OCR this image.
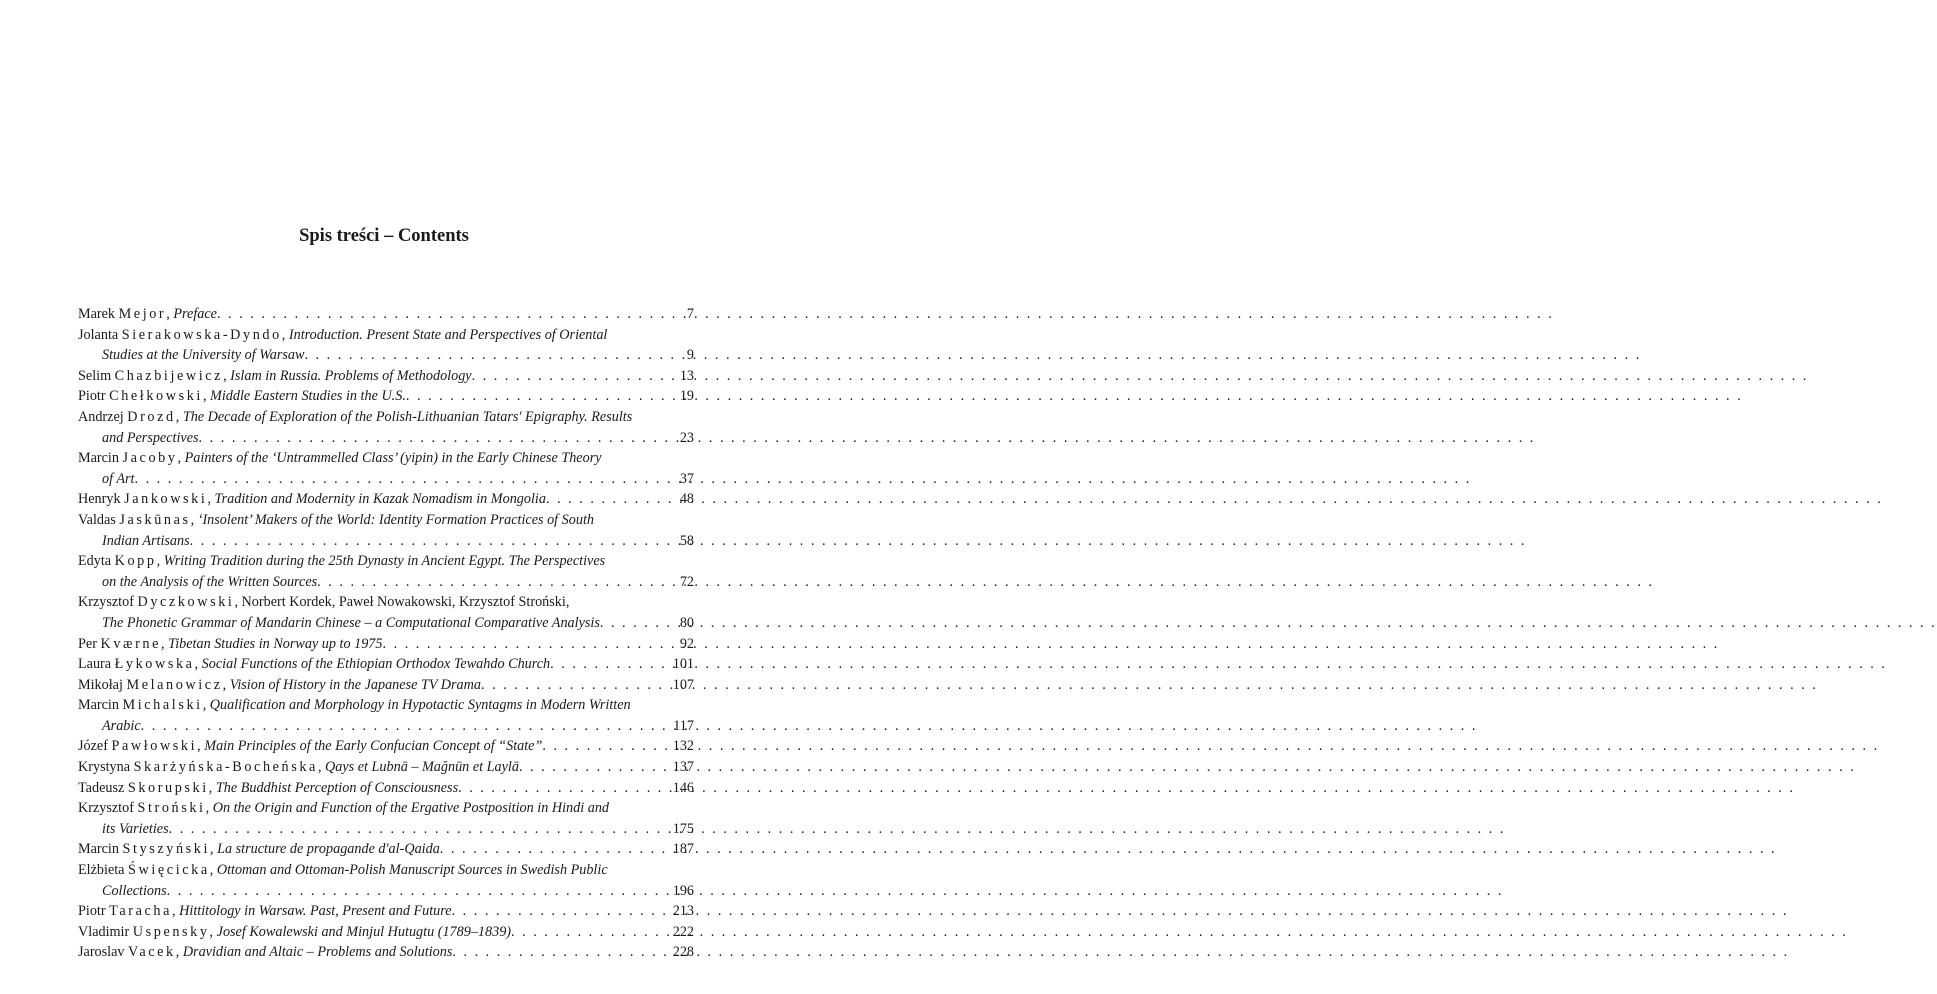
Spis treści – Contents
Marek Mejor, Preface . . .	7
Jolanta Sierakowska-Dyndo, Introduction. Present State and Perspectives of Oriental
Studies at the University of Warsaw . . .	9
Selim Chazbijewicz, Islam in Russia. Problems of Methodology . . .	13
Piotr Chełkowski, Middle Eastern Studies in the U.S. . . .	19
Andrzej Drozd, The Decade of Exploration of the Polish-Lithuanian Tatars' Epigraphy. Results
and Perspectives . . .	23
Marcin Jacoby, Painters of the ‘Untrammelled Class’ (yipin) in the Early Chinese Theory
of Art . . .	37
Henryk Jankowski, Tradition and Modernity in Kazak Nomadism in Mongolia . . .	48
Valdas Jaskūnas, ‘Insolent’ Makers of the World: Identity Formation Practices of South
Indian Artisans . . .	58
Edyta Kopp, Writing Tradition during the 25th Dynasty in Ancient Egypt. The Perspectives
on the Analysis of the Written Sources . . .	72
Krzysztof Dyczkowski, Norbert Kordek, Paweł Nowakowski, Krzysztof Stroński,
The Phonetic Grammar of Mandarin Chinese – a Computational Comparative Analysis . . .	80
Per Kværne, Tibetan Studies in Norway up to 1975 . . .	92
Laura Łykowska, Social Functions of the Ethiopian Orthodox Tewahdo Church . . .	101
Mikołaj Melanowicz, Vision of History in the Japanese TV Drama . . .	107
Marcin Michalski, Qualification and Morphology in Hypotactic Syntagms in Modern Written
Arabic . . .	117
Józef Pawłowski, Main Principles of the Early Confucian Concept of “State” . . .	132
Krystyna Skarżyńska-Bocheńska, Qays et Lubnā – Mağnūn et Laylā . . .	137
Tadeusz Skorupski, The Buddhist Perception of Consciousness . . .	146
Krzysztof Stroński, On the Origin and Function of the Ergative Postposition in Hindi and
its Varieties . . .	175
Marcin Styszyński, La structure de propagande d'al-Qaida . . .	187
Elżbieta Święcicka, Ottoman and Ottoman-Polish Manuscript Sources in Swedish Public
Collections . . .	196
Piotr Taracha, Hittitology in Warsaw. Past, Present and Future . . .	213
Vladimir Uspensky, Josef Kowalewski and Minjul Hutugtu (1789–1839) . . .	222
Jaroslav Vacek, Dravidian and Altaic – Problems and Solutions . . .	228
